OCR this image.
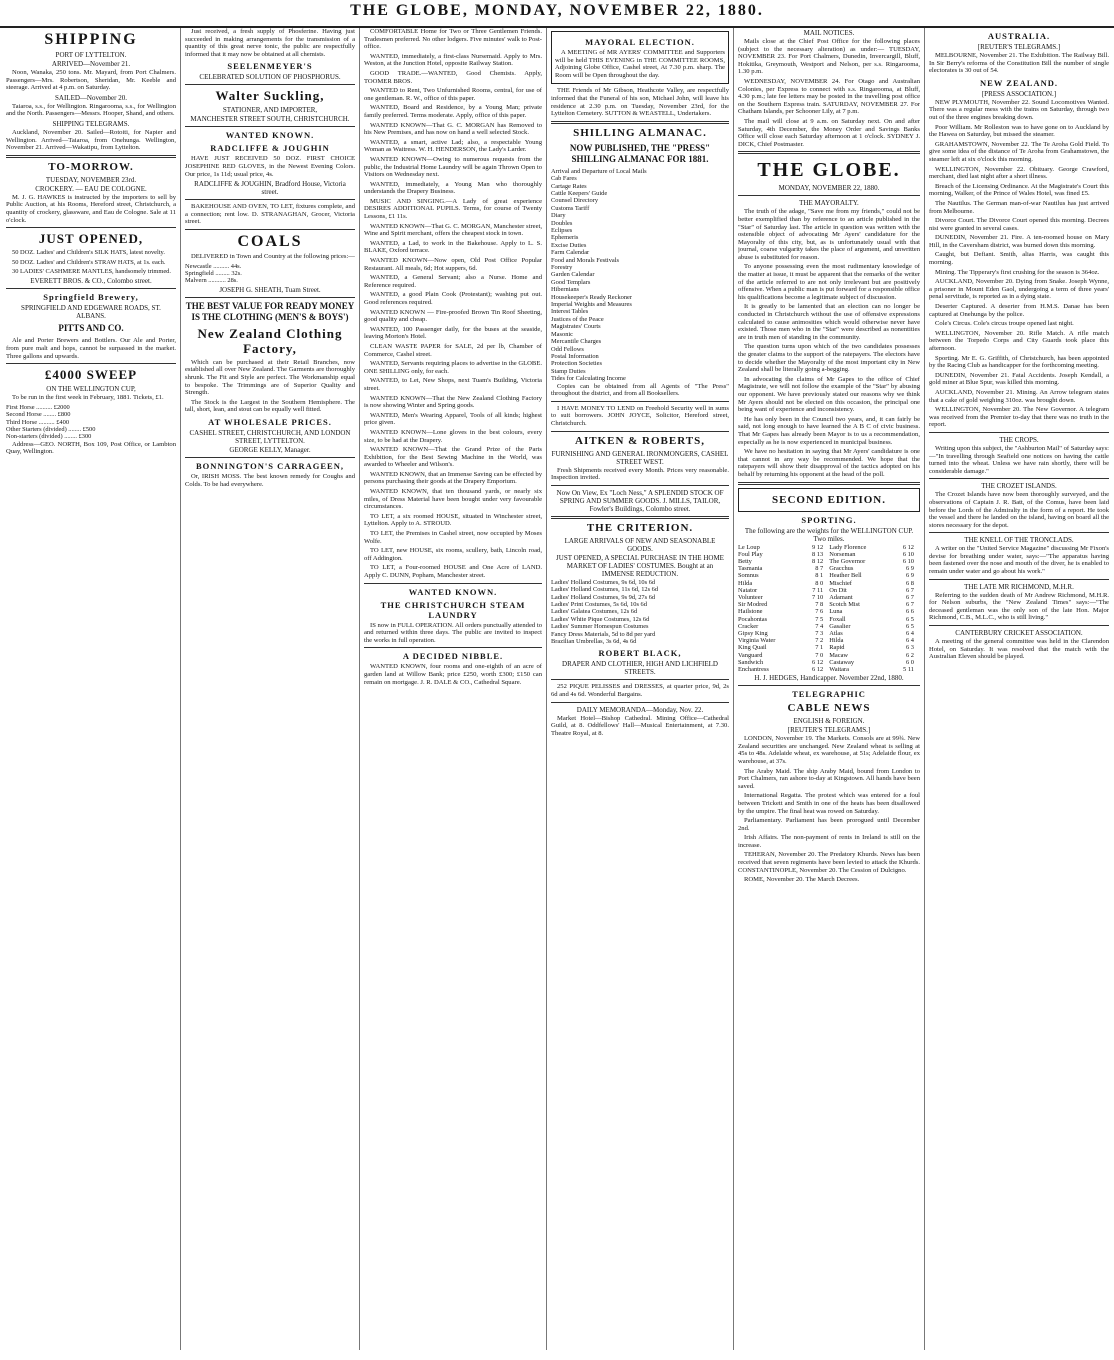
THE GLOBE, MONDAY, NOVEMBER 22, 1880.
SHIPPING
PORT OF LYTTELTON.
ARRIVED—November 21.

Noon, Wanaka, 250 tons. Mr. Mayard, from Port Chalmers. Passengers—Mrs. Robertson, Sheridan, Mr. Keeble and steerage. Arrived at 4 p.m. on Saturday.

SAILED—November 20.

Taiaroa, s.s., for Wellington. Ringarooma, s.s., for Wellington and the North. Passengers—Messrs. Hooper, Shand, and others.

SHIPPING TELEGRAMS.

Auckland, November 20. Sailed—Rotoiti, for Napier and Wellington. Arrived—Taiaroa, from Onehunga. Wellington, November 21. Arrived—Wakatipu, from Lyttelton.

TO-MORROW.
TUESDAY, NOVEMBER 23rd.
CROCKERY. — EAU DE COLOGNE.

M. J. G. HAWKES is instructed by the importers to sell by Public Auction, at his Rooms, Hereford street, Christchurch, a quantity of crockery, glassware, and Eau de Cologne. Sale at 11 o'clock.

JUST OPENED,

50 DOZ. Ladies' and Children's SILK HATS, latest novelty.

50 DOZ. Ladies' and Children's STRAW HATS, at 1s. each.

30 LADIES' CASHMERE MANTLES, handsomely trimmed.

EVERETT BROS. & CO., Colombo street.
Springfield Brewery,
SPRINGFIELD AND EDGEWARE ROADS, ST. ALBANS.
PITTS AND CO.

Ale and Porter Brewers and Bottlers. Our Ale and Porter, from pure malt and hops, cannot be surpassed in the market. Three gallons and upwards.

£4000 SWEEP
ON THE WELLINGTON CUP,

To be run in the first week in February, 1881. Tickets, £1.

First Horse .......... £2000
Second Horse ........ £800
Third Horse .......... £400
Other Starters (divided) ........ £500
Non-starters (divided) ........ £300

Address—GEO. NORTH, Box 109, Post Office, or Lambton Quay, Wellington.

Just received, a fresh supply of Phosferine. Having just succeeded in making arrangements for the transmission of a quantity of this great nerve tonic, the public are respectfully informed that it may now be obtained at all chemists.

SEELENMEYER'S
CELEBRATED SOLUTION OF PHOSPHORUS.
Walter Suckling,
STATIONER, AND IMPORTER,
MANCHESTER STREET SOUTH, CHRISTCHURCH.
WANTED KNOWN.
RADCLIFFE & JOUGHIN

HAVE JUST RECEIVED 50 DOZ. FIRST CHOICE JOSEPHINE RED GLOVES, in the Newest Evening Colors. Our price, 1s 11d; usual price, 4s.

RADCLIFFE & JOUGHIN, Bradford House, Victoria street.

BAKEHOUSE AND OVEN, TO LET, fixtures complete, and a connection; rent low. D. STRANAGHAN, Grocer, Victoria street.

COALS

DELIVERED in Town and Country at the following prices:—

Newcastle .......... 44s.
Springfield ......... 32s.
Malvern ........... 28s.
JOSEPH G. SHEATH, Tuam Street.
THE BEST VALUE FOR READY MONEY IS THE CLOTHING (MEN'S & BOYS')
New Zealand Clothing Factory,

Which can be purchased at their Retail Branches, now established all over New Zealand. The Garments are thoroughly shrunk. The Fit and Style are perfect. The Workmanship equal to bespoke. The Trimmings are of Superior Quality and Strength.

The Stock is the Largest in the Southern Hemisphere. The tall, short, lean, and stout can be equally well fitted.

AT WHOLESALE PRICES.
CASHEL STREET, CHRISTCHURCH, AND LONDON STREET, LYTTELTON.
GEORGE KELLY, Manager.
BONNINGTON'S CARRAGEEN,

Or, IRISH MOSS. The best known remedy for Coughs and Colds. To be had everywhere.

COMFORTABLE Home for Two or Three Gentlemen Friends. Tradesmen preferred. No other lodgers. Five minutes' walk to Post-office.

WANTED, immediately, a first-class Nursemaid. Apply to Mrs. Weston, at the Junction Hotel, opposite Railway Station.

GOOD TRADE.—WANTED, Good Chemists. Apply, TOOMER BROS.

WANTED to Rent, Two Unfurnished Rooms, central, for use of one gentleman. R. W., office of this paper.

WANTED, Board and Residence, by a Young Man; private family preferred. Terms moderate. Apply, office of this paper.

WANTED KNOWN—That G. C. MORGAN has Removed to his New Premises, and has now on hand a well selected Stock.

WANTED, a smart, active Lad; also, a respectable Young Woman as Waitress. W. H. HENDERSON, the Lady's Larder.

WANTED KNOWN—Owing to numerous requests from the public, the Industrial Home Laundry will be again Thrown Open to Visitors on Wednesday next.

WANTED, immediately, a Young Man who thoroughly understands the Drapery Business.

MUSIC AND SINGING.—A Lady of great experience DESIRES ADDITIONAL PUPILS. Terms, for course of Twenty Lessons, £1 11s.

WANTED KNOWN—That G. C. MORGAN, Manchester street, Wine and Spirit merchant, offers the cheapest stock in town.

WANTED, a Lad, to work in the Bakehouse. Apply to L. S. BLAKE, Oxford terrace.

WANTED KNOWN—Now open, Old Post Office Popular Restaurant. All meals, 6d; Hot suppers, 6d.

WANTED, a General Servant; also a Nurse. Home and Reference required.

WANTED, a good Plain Cook (Protestant); washing put out. Good references required.

WANTED KNOWN — Fire-proofed Brown Tin Roof Sheeting, good quality and cheap.

WANTED, 100 Passenger daily, for the buses at the seaside, leaving Morton's Hotel.

CLEAN WASTE PAPER for SALE, 2d per lb, Chamber of Commerce, Cashel street.

WANTED, Servants requiring places to advertise in the GLOBE. ONE SHILLING only, for each.

WANTED, to Let, New Shops, next Tuam's Building, Victoria street.

WANTED KNOWN—That the New Zealand Clothing Factory is now showing Winter and Spring goods.

WANTED, Men's Wearing Apparel, Tools of all kinds; highest price given.

WANTED KNOWN—Lone gloves in the best colours, every size, to be had at the Drapery.

WANTED KNOWN—That the Grand Prize of the Paris Exhibition, for the Best Sewing Machine in the World, was awarded to Wheeler and Wilson's.

WANTED KNOWN, that an Immense Saving can be effected by persons purchasing their goods at the Drapery Emporium.

WANTED KNOWN, that ten thousand yards, or nearly six miles, of Dress Material have been bought under very favourable circumstances.

TO LET, a six roomed HOUSE, situated in Winchester street, Lyttelton. Apply to A. STROUD.

TO LET, the Premises in Cashel street, now occupied by Moses Wolfe.

TO LET, new HOUSE, six rooms, scullery, bath, Lincoln road, off Addington.

TO LET, a Four-roomed HOUSE and One Acre of LAND. Apply C. DUNN, Popham, Manchester street.

WANTED KNOWN.
THE CHRISTCHURCH STEAM LAUNDRY

IS now in FULL OPERATION. All orders punctually attended to and returned within three days. The public are invited to inspect the works in full operation.

A DECIDED NIBBLE.

WANTED KNOWN, four rooms and one-eighth of an acre of garden land at Willow Bank; price £250, worth £300; £150 can remain on mortgage. J. R. DALE & CO., Cathedral Square.

MAYORAL ELECTION.

A MEETING of MR AYERS' COMMITTEE and Supporters will be held THIS EVENING in THE COMMITTEE ROOMS, Adjoining Globe Office, Cashel street, At 7.30 p.m. sharp. The Room will be Open throughout the day.

THE Friends of Mr Gibson, Heathcote Valley, are respectfully informed that the Funeral of his son, Michael John, will leave his residence at 2.30 p.m. on Tuesday, November 23rd, for the Lyttelton Cemetery. SUTTON & WEASTELL, Undertakers.

SHILLING ALMANAC.
NOW PUBLISHED, THE "PRESS" SHILLING ALMANAC FOR 1881.
Arrival and Departure of Local Mails
Cab Fares
Cartage Rates
Cattle Keepers' Guide
Counsel Directory
Customs Tariff
Diary
Doubles
Eclipses
Ephemeris
Excise Duties
Farm Calendar
Food and Morals Festivals
Forestry
Garden Calendar
Good Templars
Hibernians
Housekeeper's Ready Reckoner
Imperial Weights and Measures
Interest Tables
Justices of the Peace
Magistrates' Courts
Masonic
Mercantile Charges
Odd Fellows
Postal Information
Protection Societies
Stamp Duties
Tides for Calculating Income

Copies can be obtained from all Agents of "The Press" throughout the district, and from all Booksellers.

I HAVE MONEY TO LEND on Freehold Security well in sums to suit borrowers. JOHN JOYCE, Solicitor, Hereford street, Christchurch.

AITKEN & ROBERTS,
FURNISHING AND GENERAL IRONMONGERS, CASHEL STREET WEST.

Fresh Shipments received every Month. Prices very reasonable. Inspection invited.

Now On View, Ex "Loch Ness," A SPLENDID STOCK OF SPRING AND SUMMER GOODS. J. MILLS, TAILOR, Fowler's Buildings, Colombo street.
THE CRITERION.
LARGE ARRIVALS OF NEW AND SEASONABLE GOODS.
JUST OPENED, A SPECIAL PURCHASE IN THE HOME MARKET OF LADIES' COSTUMES. Bought at an IMMENSE REDUCTION.
Ladies' Holland Costumes, 9s 6d, 10s 6d
Ladies' Holland Costumes, 11s 6d, 12s 6d
Ladies' Holland Costumes, 9s 9d, 27s 6d
Ladies' Print Costumes, 5s 6d, 10s 6d
Ladies' Galatea Costumes, 12s 6d
Ladies' White Pique Costumes, 12s 6d
Ladies' Summer Homespun Costumes
Fancy Dress Materials, 5d to 8d per yard
Brazilian Umbrellas, 3s 6d, 4s 6d
ROBERT BLACK,
DRAPER AND CLOTHIER, HIGH AND LICHFIELD STREETS.

252 PIQUE PELISSES and DRESSES, at quarter price, 9d, 2s 6d and 4s 6d. Wonderful Bargains.

DAILY MEMORANDA—Monday, Nov. 22.

Market Hotel—Bishop Cathedral. Mining Office—Cathedral Guild, at 8. Oddfellows' Hall—Musical Entertainment, at 7.30. Theatre Royal, at 8.

MAIL NOTICES.

Mails close at the Chief Post Office for the following places (subject to the necessary alteration) as under:— TUESDAY, NOVEMBER 23. For Port Chalmers, Dunedin, Invercargill, Bluff, Hokitika, Greymouth, Westport and Nelson, per s.s. Ringarooma, 1.30 p.m.

WEDNESDAY, NOVEMBER 24. For Otago and Australian Colonies, per Express to connect with s.s. Ringarooma, at Bluff, 4.30 p.m.; late fee letters may be posted in the travelling post office on the Southern Express train. SATURDAY, NOVEMBER 27. For Chatham Islands, per Schooner Lily, at 7 p.m.

The mail will close at 9 a.m. on Saturday next. On and after Saturday, 4th December, the Money Order and Savings Banks Office will close each Saturday afternoon at 1 o'clock. SYDNEY J. DICK, Chief Postmaster.

THE GLOBE.
MONDAY, NOVEMBER 22, 1880.
THE MAYORALTY.

The truth of the adage, "Save me from my friends," could not be better exemplified than by reference to an article published in the "Star" of Saturday last. The article in question was written with the ostensible object of advocating Mr Ayers' candidature for the Mayoralty of this city, but, as is unfortunately usual with that journal, coarse vulgarity takes the place of argument, and unwritten abuse is substituted for reason.

To anyone possessing even the most rudimentary knowledge of the matter at issue, it must be apparent that the remarks of the writer of the article referred to are not only irrelevant but are positively offensive. When a public man is put forward for a responsible office his qualifications become a legitimate subject of discussion.

It is greatly to be lamented that an election can no longer be conducted in Christchurch without the use of offensive expressions calculated to cause animosities which would otherwise never have existed. Those men who in the "Star" were described as nonentities are in truth men of standing in the community.

The question turns upon which of the two candidates possesses the greater claims to the support of the ratepayers. The electors have to decide whether the Mayoralty of the most important city in New Zealand shall be literally going a-begging.

In advocating the claims of Mr Gapes to the office of Chief Magistrate, we will not follow the example of the "Star" by abusing our opponent. We have previously stated our reasons why we think Mr Ayers should not be elected on this occasion, the principal one being want of experience and inconsistency.

He has only been in the Council two years, and, it can fairly be said, not long enough to have learned the A B C of civic business. That Mr Gapes has already been Mayor is to us a recommendation, especially as he is now experienced in municipal business.

We have no hesitation in saying that Mr Ayers' candidature is one that cannot in any way be recommended. We hope that the ratepayers will show their disapproval of the tactics adopted on his behalf by returning his opponent at the head of the poll.

SECOND EDITION.
SPORTING.
The following are the weights for the WELLINGTON CUP. Two miles.
Le Loup	9 12	Lady Florence	6 12
Foul Play	8 13	Norseman	6 10
Betty	8 12	The Governor	6 10
Tasmania	8 7	Gracchus	6 9
Somnus	8 1	Heather Bell	6 9
Hilda	8 0	Mischief	6 8
Natator	7 11	On Dit	6 7
Volunteer	7 10	Adamant	6 7
Sir Modred	7 8	Scotch Mist	6 7
Hailstone	7 6	Luna	6 6
Pocahontas	7 5	Foxall	6 5
Cracker	7 4	Gasalier	6 5
Gipsy King	7 3	Atlas	6 4
Virginia Water	7 2	Hilda	6 4
King Quail	7 1	Rapid	6 3
Vanguard	7 0	Macaw	6 2
Sandwich	6 12	Castaway	6 0
Enchantress	6 12	Waitara	5 11
H. J. HEDGES, Handicapper. November 22nd, 1880.
TELEGRAPHIC
CABLE NEWS
ENGLISH & FOREIGN.
[REUTER'S TELEGRAMS.]

LONDON, November 19. The Markets. Consols are at 99¾. New Zealand securities are unchanged. New Zealand wheat is selling at 45s to 48s. Adelaide wheat, ex warehouse, at 51s; Adelaide flour, ex warehouse, at 37s.

The Araby Maid. The ship Araby Maid, bound from London to Port Chalmers, ran ashore to-day at Kingstown. All hands have been saved.

International Regatta. The protest which was entered for a foul between Trickett and Smith in one of the heats has been disallowed by the umpire. The final heat was rowed on Saturday.

Parliamentary. Parliament has been prorogued until December 2nd.

Irish Affairs. The non-payment of rents in Ireland is still on the increase.

TEHERAN, November 20. The Predatory Khurds. News has been received that seven regiments have been levied to attack the Khurds. CONSTANTINOPLE, November 20. The Cession of Dulcigno.

ROME, November 20. The March Decrees.

AUSTRALIA.
[REUTER'S TELEGRAMS.]

MELBOURNE, November 21. The Exhibition. The Railway Bill. In Sir Berry's reforms of the Constitution Bill the number of single electorates is 30 out of 54.

NEW ZEALAND.
[PRESS ASSOCIATION.]

NEW PLYMOUTH, November 22. Sound Locomotives Wanted. There was a regular mess with the trains on Saturday, through two out of the three engines breaking down.

Poor William. Mr Rolleston was to have gone on to Auckland by the Hawea on Saturday, but missed the steamer.

GRAHAMSTOWN, November 22. The Te Aroha Gold Field. To give some idea of the distance of Te Aroha from Grahamstown, the steamer left at six o'clock this morning.

WELLINGTON, November 22. Obituary. George Crawford, merchant, died last night after a short illness.

Breach of the Licensing Ordinance. At the Magistrate's Court this morning, Walker, of the Prince of Wales Hotel, was fined £5.

The Nautilus. The German man-of-war Nautilus has just arrived from Melbourne.

Divorce Court. The Divorce Court opened this morning. Decrees nisi were granted in several cases.

DUNEDIN, November 21. Fire. A ten-roomed house on Mary Hill, in the Caversham district, was burned down this morning.

Caught, but Defiant. Smith, alias Harris, was caught this morning.

Mining. The Tipperary's first crushing for the season is 364oz.

AUCKLAND, November 20. Dying from Snake. Joseph Wynne, a prisoner in Mount Eden Gaol, undergoing a term of three years' penal servitude, is reported as in a dying state.

Deserter Captured. A deserter from H.M.S. Danae has been captured at Onehunga by the police.

Cole's Circus. Cole's circus troupe opened last night.

WELLINGTON, November 20. Rifle Match. A rifle match between the Torpedo Corps and City Guards took place this afternoon.

Sporting. Mr E. G. Griffith, of Christchurch, has been appointed by the Racing Club as handicapper for the forthcoming meeting.

DUNEDIN, November 21. Fatal Accidents. Joseph Kendall, a gold miner at Blue Spur, was killed this morning.

AUCKLAND, November 21. Mining. An Arrow telegram states that a cake of gold weighing 310oz. was brought down.

WELLINGTON, November 20. The New Governor. A telegram was received from the Premier to-day that there was no truth in the report.

THE CROPS.

Writing upon this subject, the "Ashburton Mail" of Saturday says:—"In travelling through Seafield one notices on having the cattle turned into the wheat. Unless we have rain shortly, there will be considerable damage."

THE CROZET ISLANDS.

The Crozet Islands have now been thoroughly surveyed, and the observations of Captain J. R. Batt, of the Comus, have been laid before the Lords of the Admiralty in the form of a report. He took the vessel and there he landed on the island, having on board all the stores necessary for the depot.

THE KNELL OF THE TRONCLADS.

A writer on the "United Service Magazine" discussing Mr Fixon's devise for breathing under water, says:—"The apparatus having been fastened over the nose and mouth of the diver, he is enabled to remain under water and go about his work."

THE LATE MR RICHMOND, M.H.R.

Referring to the sudden death of Mr Andrew Richmond, M.H.R. for Nelson suburbs, the "New Zealand Times" says:—"The deceased gentleman was the only son of the late Hon. Major Richmond, C.B., M.L.C., who is still living."

CANTERBURY CRICKET ASSOCIATION.

A meeting of the general committee was held in the Clarendon Hotel, on Saturday. It was resolved that the match with the Australian Eleven should be played.
